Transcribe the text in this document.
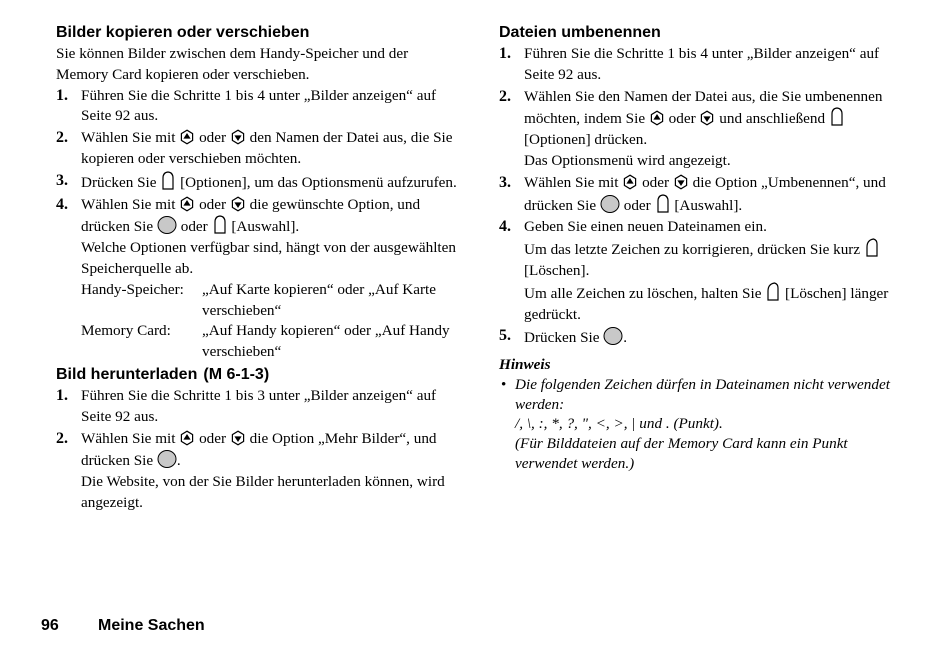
Bilder kopieren oder verschieben

Sie können Bilder zwischen dem Handy-Speicher und der Memory Card kopieren oder verschieben.

1. Führen Sie die Schritte 1 bis 4 unter „Bilder anzeigen“ auf Seite 92 aus.
2. Wählen Sie mit oder den Namen der Datei aus, die Sie kopieren oder verschieben möchten.
3. Drücken Sie [Optionen], um das Optionsmenü aufzurufen.
4. Wählen Sie mit oder die gewünschte Option, und drücken Sie oder [Auswahl].
Welche Optionen verfügbar sind, hängt von der ausgewählten Speicherquelle ab.
Handy-Speicher:	„Auf Karte kopieren“ oder „Auf Karte verschieben“
Memory Card:	„Auf Handy kopieren“ oder „Auf Handy verschieben“
Bild herunterladen (M 6-1-3)
1. Führen Sie die Schritte 1 bis 3 unter „Bilder anzeigen“ auf Seite 92 aus.
2. Wählen Sie mit oder die Option „Mehr Bilder“, und drücken Sie .
Die Website, von der Sie Bilder herunterladen können, wird angezeigt.
Dateien umbenennen
1. Führen Sie die Schritte 1 bis 4 unter „Bilder anzeigen“ auf Seite 92 aus.
2. Wählen Sie den Namen der Datei aus, die Sie umbenennen möchten, indem Sie oder und anschließend  [Optionen] drücken.
Das Optionsmenü wird angezeigt.
3. Wählen Sie mit oder die Option „Umbenennen“, und drücken Sie oder [Auswahl].
4. Geben Sie einen neuen Dateinamen ein.
Um das letzte Zeichen zu korrigieren, drücken Sie kurz  [Löschen].
Um alle Zeichen zu löschen, halten Sie [Löschen] länger gedrückt.
5. Drücken Sie .
Hinweis
• Die folgenden Zeichen dürfen in Dateinamen nicht verwendet werden:
/, \, :, *, ?, ", <, >, | und . (Punkt).
(Für Bilddateien auf der Memory Card kann ein Punkt verwendet werden.)
96 Meine Sachen
